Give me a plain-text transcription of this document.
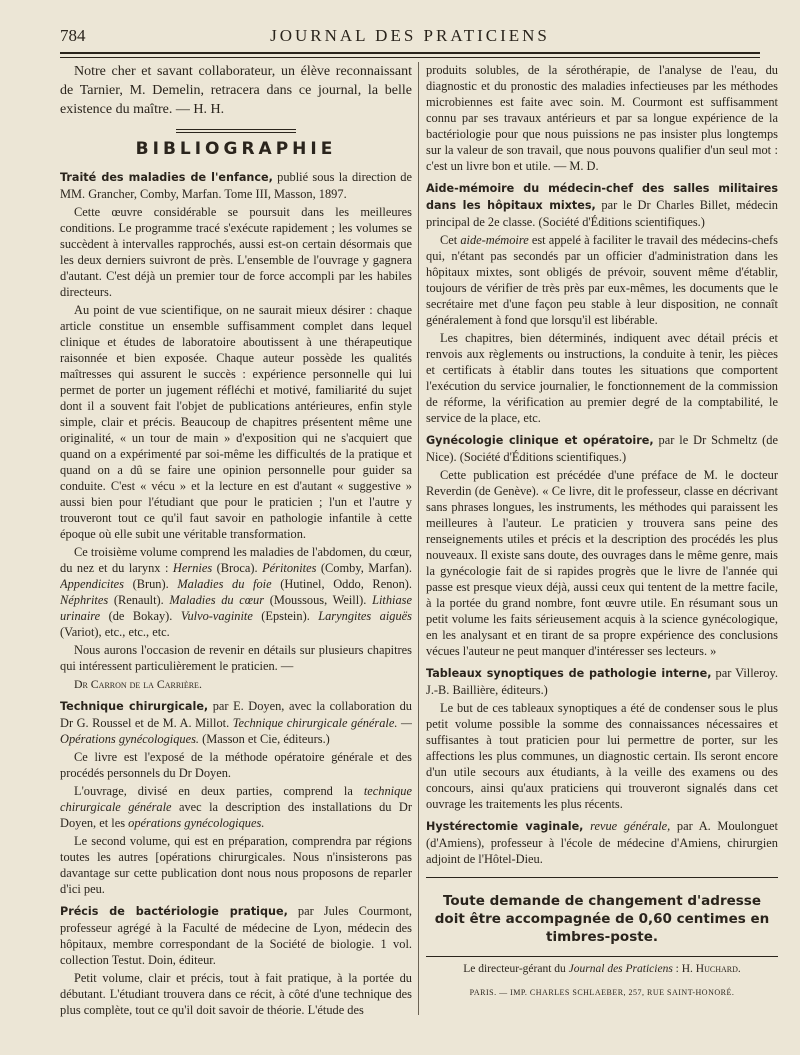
784	JOURNAL DES PRATICIENS

Notre cher et savant collaborateur, un élève reconnaissant de Tarnier, M. Demelin, retracera dans ce journal, la belle existence du maître. — H. H.

BIBLIOGRAPHIE

Traité des maladies de l'enfance, publié sous la direction de MM. Grancher, Comby, Marfan. Tome III, Masson, 1897.

Cette œuvre considérable se poursuit dans les meilleures conditions. Le programme tracé s'exécute rapidement ; les volumes se succèdent à intervalles rapprochés, aussi est-on certain désormais que les deux derniers suivront de près. L'ensemble de l'ouvrage y gagnera d'autant. C'est déjà un premier tour de force accompli par les habiles directeurs.

Au point de vue scientifique, on ne saurait mieux désirer : chaque article constitue un ensemble suffisamment complet dans lequel clinique et études de laboratoire aboutissent à une thérapeutique raisonnée et bien exposée. Chaque auteur possède les qualités maîtresses qui assurent le succès : expérience personnelle qui lui permet de porter un jugement réfléchi et motivé, familiarité du sujet dont il a souvent fait l'objet de publications antérieures, enfin style simple, clair et précis. Beaucoup de chapitres présentent même une originalité, « un tour de main » d'exposition qui ne s'acquiert que quand on a expérimenté par soi-même les difficultés de la pratique et quand on a dû se faire une opinion personnelle pour guider sa conduite. C'est « vécu » et la lecture en est d'autant « suggestive » aussi bien pour l'étudiant que pour le praticien ; l'un et l'autre y trouveront tout ce qu'il faut savoir en pathologie infantile à cette époque où elle subit une véritable transformation.

Ce troisième volume comprend les maladies de l'abdomen, du cœur, du nez et du larynx : Hernies (Broca). Péritonites (Comby, Marfan). Appendicites (Brun). Maladies du foie (Hutinel, Oddo, Renon). Néphrites (Renault). Maladies du cœur (Moussous, Weill). Lithiase urinaire (de Bokay). Vulvo-vaginite (Epstein). Laryngites aiguës (Variot), etc., etc., etc.

Nous aurons l'occasion de revenir en détails sur plusieurs chapitres qui intéressent particulièrement le praticien. —

Dr Carron de la Carrière.

Technique chirurgicale, par E. Doyen, avec la collaboration du Dr G. Roussel et de M. A. Millot. Technique chirurgicale générale. — Opérations gynécologiques. (Masson et Cie, éditeurs.)

Ce livre est l'exposé de la méthode opératoire générale et des procédés personnels du Dr Doyen.

L'ouvrage, divisé en deux parties, comprend la technique chirurgicale générale avec la description des installations du Dr Doyen, et les opérations gynécologiques.

Le second volume, qui est en préparation, comprendra par régions toutes les autres [opérations chirurgicales. Nous n'insisterons pas davantage sur cette publication dont nous nous proposons de reparler d'ici peu.

Précis de bactériologie pratique, par Jules Courmont, professeur agrégé à la Faculté de médecine de Lyon, médecin des hôpitaux, membre correspondant de la Société de biologie. 1 vol. collection Testut. Doin, éditeur.

Petit volume, clair et précis, tout à fait pratique, à la portée du débutant. L'étudiant trouvera dans ce récit, à côté d'une technique des plus complète, tout ce qu'il doit savoir de théorie. L'étude des

produits solubles, de la sérothérapie, de l'analyse de l'eau, du diagnostic et du pronostic des maladies infectieuses par les méthodes microbiennes est faite avec soin. M. Courmont est suffisamment connu par ses travaux antérieurs et par sa longue expérience de la bactériologie pour que nous puissions ne pas insister plus longtemps sur la valeur de son travail, que nous pouvons qualifier d'un seul mot : c'est un livre bon et utile. — M. D.

Aide-mémoire du médecin-chef des salles militaires dans les hôpitaux mixtes, par le Dr Charles Billet, médecin principal de 2e classe. (Société d'Éditions scientifiques.)

Cet aide-mémoire est appelé à faciliter le travail des médecins-chefs qui, n'étant pas secondés par un officier d'administration dans les hôpitaux mixtes, sont obligés de prévoir, souvent même d'établir, toujours de vérifier de très près par eux-mêmes, les documents que le secrétaire met d'une façon peu stable à leur disposition, ne connaît généralement à fond que lorsqu'il est libérable.

Les chapitres, bien déterminés, indiquent avec détail précis et renvois aux règlements ou instructions, la conduite à tenir, les pièces et certificats à établir dans toutes les situations que comportent l'exécution du service journalier, le fonctionnement de la commission de réforme, la vérification au premier degré de la comptabilité, le service de la place, etc.

Gynécologie clinique et opératoire, par le Dr Schmeltz (de Nice). (Société d'Éditions scientifiques.)

Cette publication est précédée d'une préface de M. le docteur Reverdin (de Genève). « Ce livre, dit le professeur, classe en décrivant sans phrases longues, les instruments, les méthodes qui paraissent les meilleures à l'auteur. Le praticien y trouvera sans peine des renseignements utiles et précis et la description des procédés les plus nouveaux. Il existe sans doute, des ouvrages dans le même genre, mais la gynécologie fait de si rapides progrès que le livre de l'année qui passe est presque vieux déjà, aussi ceux qui tentent de la mettre facile, à la portée du grand nombre, font œuvre utile. En résumant sous un petit volume les faits sérieusement acquis à la science gynécologique, en les analysant et en tirant de sa propre expérience des conclusions vécues l'auteur ne peut manquer d'intéresser ses lecteurs. »

Tableaux synoptiques de pathologie interne, par Villeroy. J.-B. Baillière, éditeurs.)

Le but de ces tableaux synoptiques a été de condenser sous le plus petit volume possible la somme des connaissances nécessaires et suffisantes à tout praticien pour lui permettre de porter, sur les affections les plus communes, un diagnostic certain. Ils seront encore d'un utile secours aux étudiants, à la veille des examens ou des concours, ainsi qu'aux praticiens qui trouveront signalés dans cet ouvrage les traitements les plus récents.

Hystérectomie vaginale, revue générale, par A. Moulonguet (d'Amiens), professeur à l'école de médecine d'Amiens, chirurgien adjoint de l'Hôtel-Dieu.

Toute demande de changement d'adresse doit être accompagnée de 0,60 centimes en timbres-poste.
Le directeur-gérant du Journal des Praticiens : H. Huchard.
PARIS. — IMP. CHARLES SCHLAEBER, 257, RUE SAINT-HONORÉ.
